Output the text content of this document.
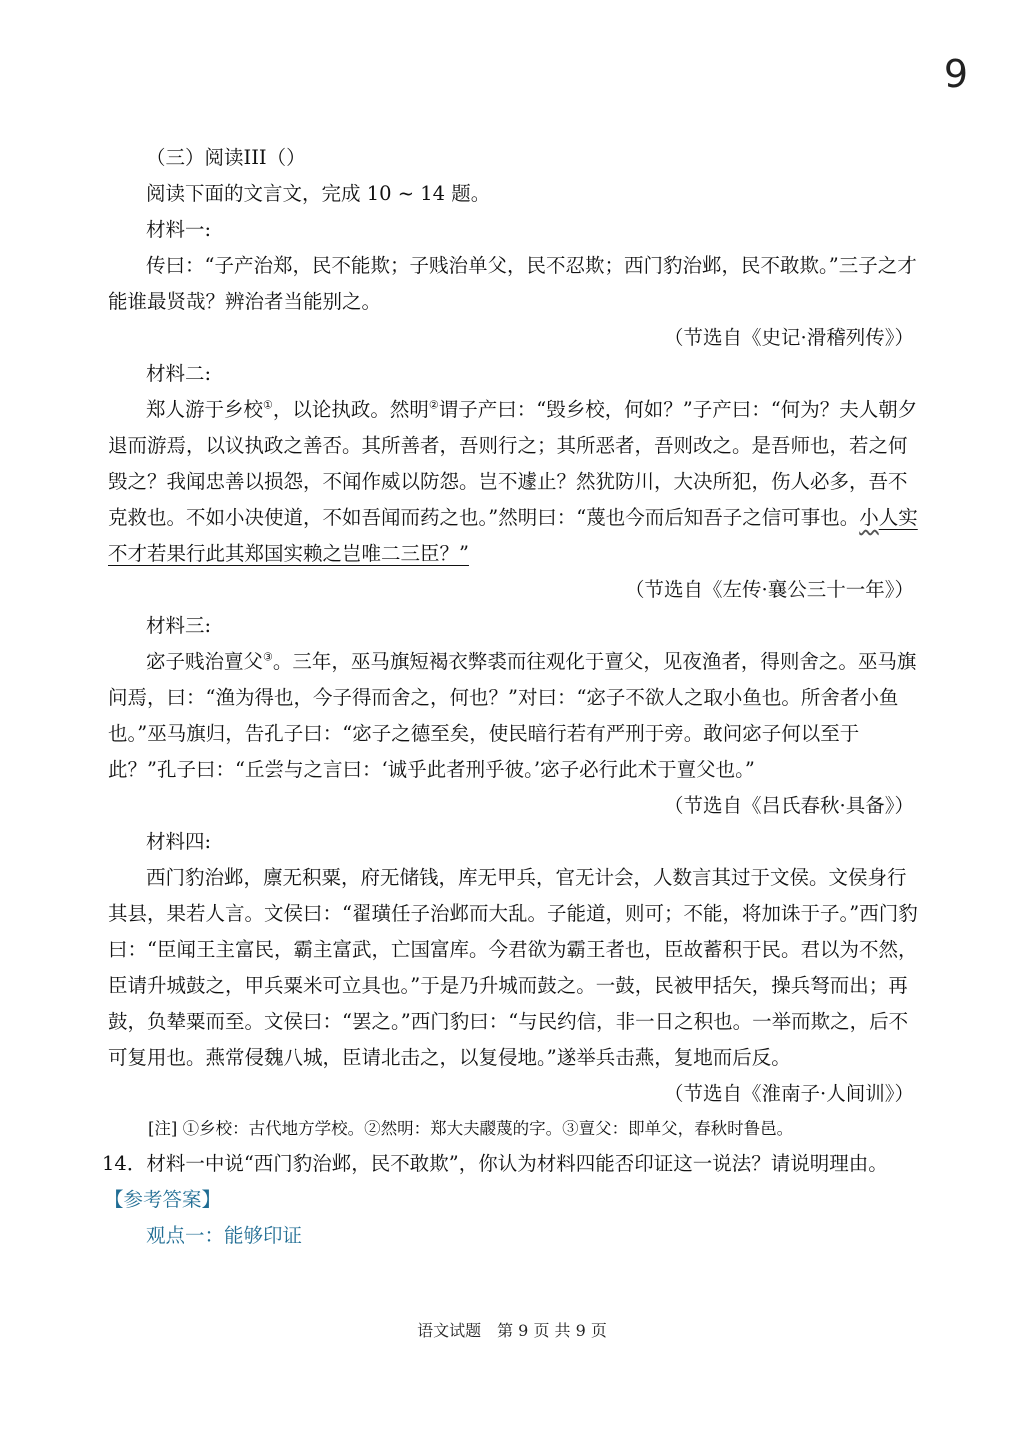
9

（三）阅读III（）

阅读下面的文言文，完成 10 ~ 14 题。

材料一:

传曰：“子产治郑，民不能欺；子贱治单父，民不忍欺；西门豹治邺，民不敢欺。”三子之才能谁最贤哉？辨治者当能别之。

（节选自《史记·滑稽列传》）

材料二:

郑人游于乡校①，以论执政。然明②谓子产曰：“毁乡校，何如？”子产曰：“何为？夫人朝夕退而游焉，以议执政之善否。其所善者，吾则行之；其所恶者，吾则改之。是吾师也，若之何毁之？我闻忠善以损怨，不闻作威以防怨。岂不遽止？然犹防川，大决所犯，伤人必多，吾不克救也。不如小决使道，不如吾闻而药之也。”然明曰：“蔑也今而后知吾子之信可事也。小人实不才若果行此其郑国实赖之岂唯二三臣？”

（节选自《左传·襄公三十一年》）

材料三:

宓子贱治亶父③。三年，巫马旗短褐衣弊裘而往观化于亶父，见夜渔者，得则舍之。巫马旗问焉，曰：“渔为得也，今子得而舍之，何也？”对曰：“宓子不欲人之取小鱼也。所舍者小鱼也。”巫马旗归，告孔子曰：“宓子之德至矣，使民暗行若有严刑于旁。敢问宓子何以至于此？”孔子曰：“丘尝与之言曰：‘诚乎此者刑乎彼。’宓子必行此术于亶父也。”

（节选自《吕氏春秋·具备》）

材料四:

西门豹治邺，廪无积粟，府无储钱，库无甲兵，官无计会，人数言其过于文侯。文侯身行其县，果若人言。文侯曰：“翟璜任子治邺而大乱。子能道，则可；不能，将加诛于子。”西门豹曰：“臣闻王主富民，霸主富武，亡国富库。今君欲为霸王者也，臣故蓄积于民。君以为不然，臣请升城鼓之，甲兵粟米可立具也。”于是乃升城而鼓之。一鼓，民被甲括矢，操兵弩而出；再鼓，负辇粟而至。文侯曰：“罢之。”西门豹曰：“与民约信，非一日之积也。一举而欺之，后不可复用也。燕常侵魏八城，臣请北击之，以复侵地。”遂举兵击燕，复地而后反。

（节选自《淮南子·人间训》）

[注] ①乡校：古代地方学校。②然明：郑大夫鬷蔑的字。③亶父：即单父，春秋时鲁邑。

14．材料一中说“西门豹治邺，民不敢欺”，你认为材料四能否印证这一说法？请说明理由。

【参考答案】

观点一：能够印证

语文试题　第 9 页 共 9 页
